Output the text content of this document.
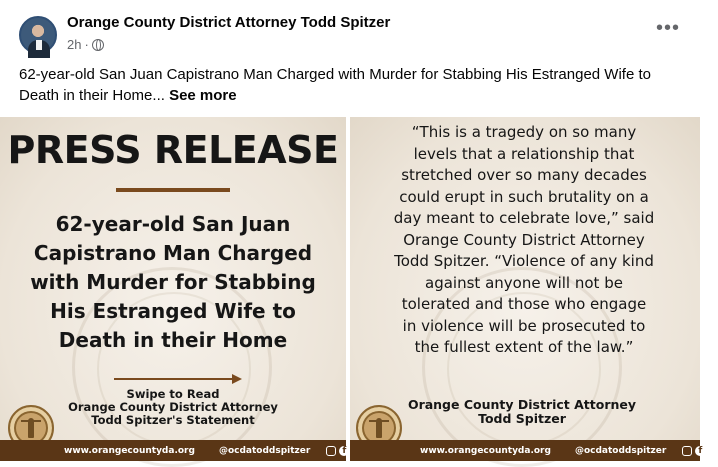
Orange County District Attorney Todd Spitzer
2h ·
•••
62-year-old San Juan Capistrano Man Charged with Murder for Stabbing His Estranged Wife to Death in their Home... See more
PRESS RELEASE
62-year-old San Juan
Capistrano Man Charged
with Murder for Stabbing
His Estranged Wife to
Death in their Home
Swipe to Read
Orange County District Attorney
Todd Spitzer's Statement
“This is a tragedy on so many
levels that a relationship that
stretched over so many decades
could erupt in such brutality on a
day meant to celebrate love,” said
Orange County District Attorney
Todd Spitzer. “Violence of any kind
against anyone will not be
tolerated and those who engage
in violence will be prosecuted to
the fullest extent of the law.”
Orange County District Attorney
Todd Spitzer
www.orangecountyda.org	@ocdatoddspitzer	f	www.orangecountyda.org	@ocdatoddspitzer	f X
